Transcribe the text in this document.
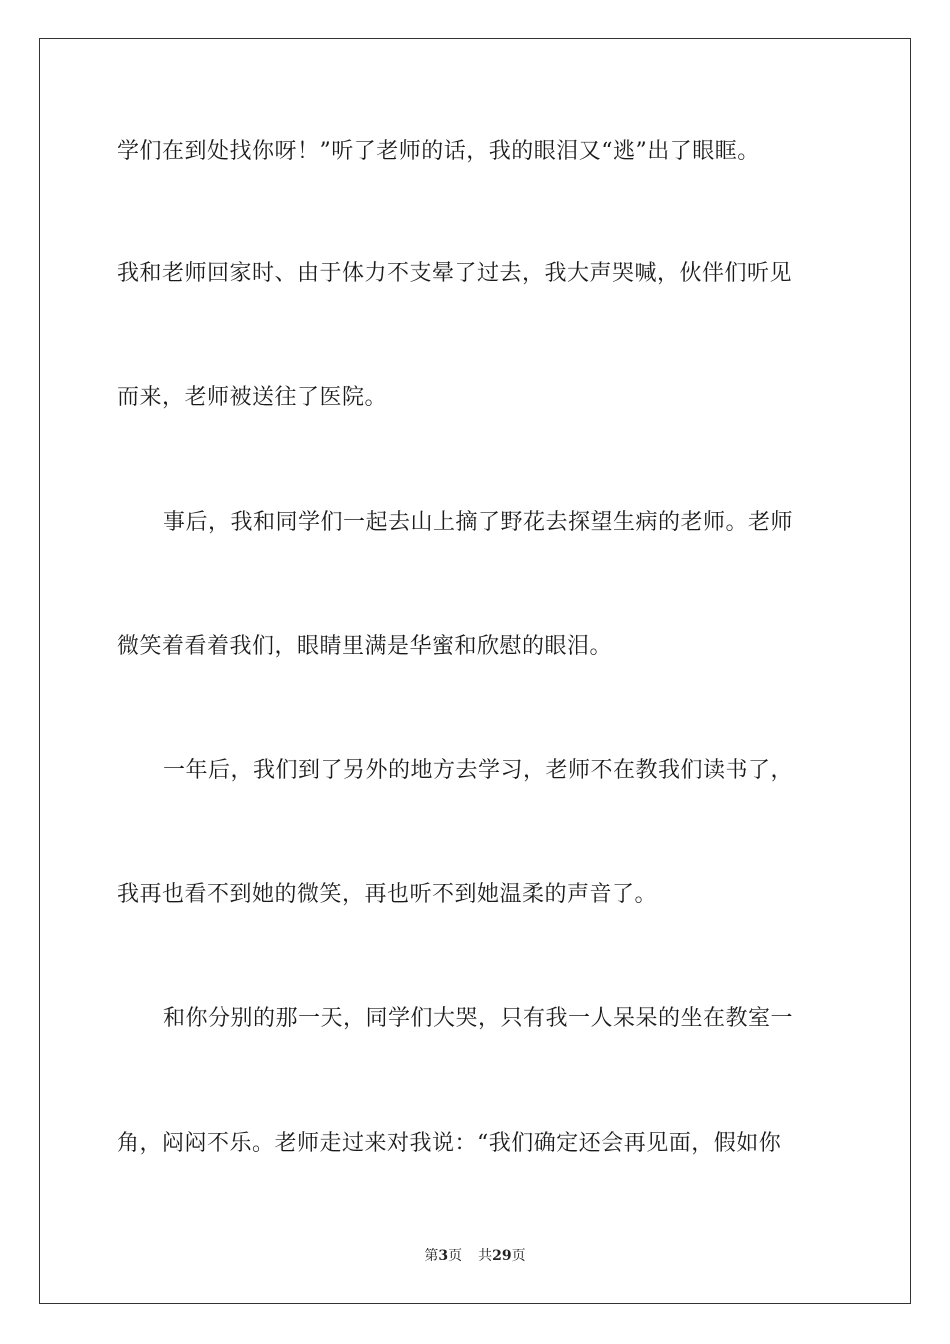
学们在到处找你呀！”听了老师的话，我的眼泪又“逃”出了眼眶。
我和老师回家时、由于体力不支晕了过去，我大声哭喊，伙伴们听见
而来，老师被送往了医院。
事后，我和同学们一起去山上摘了野花去探望生病的老师。老师
微笑着看着我们，眼睛里满是华蜜和欣慰的眼泪。
一年后，我们到了另外的地方去学习，老师不在教我们读书了，
我再也看不到她的微笑，再也听不到她温柔的声音了。
和你分别的那一天，同学们大哭，只有我一人呆呆的坐在教室一
角，闷闷不乐。老师走过来对我说：“我们确定还会再见面，假如你
第3页 共29页
